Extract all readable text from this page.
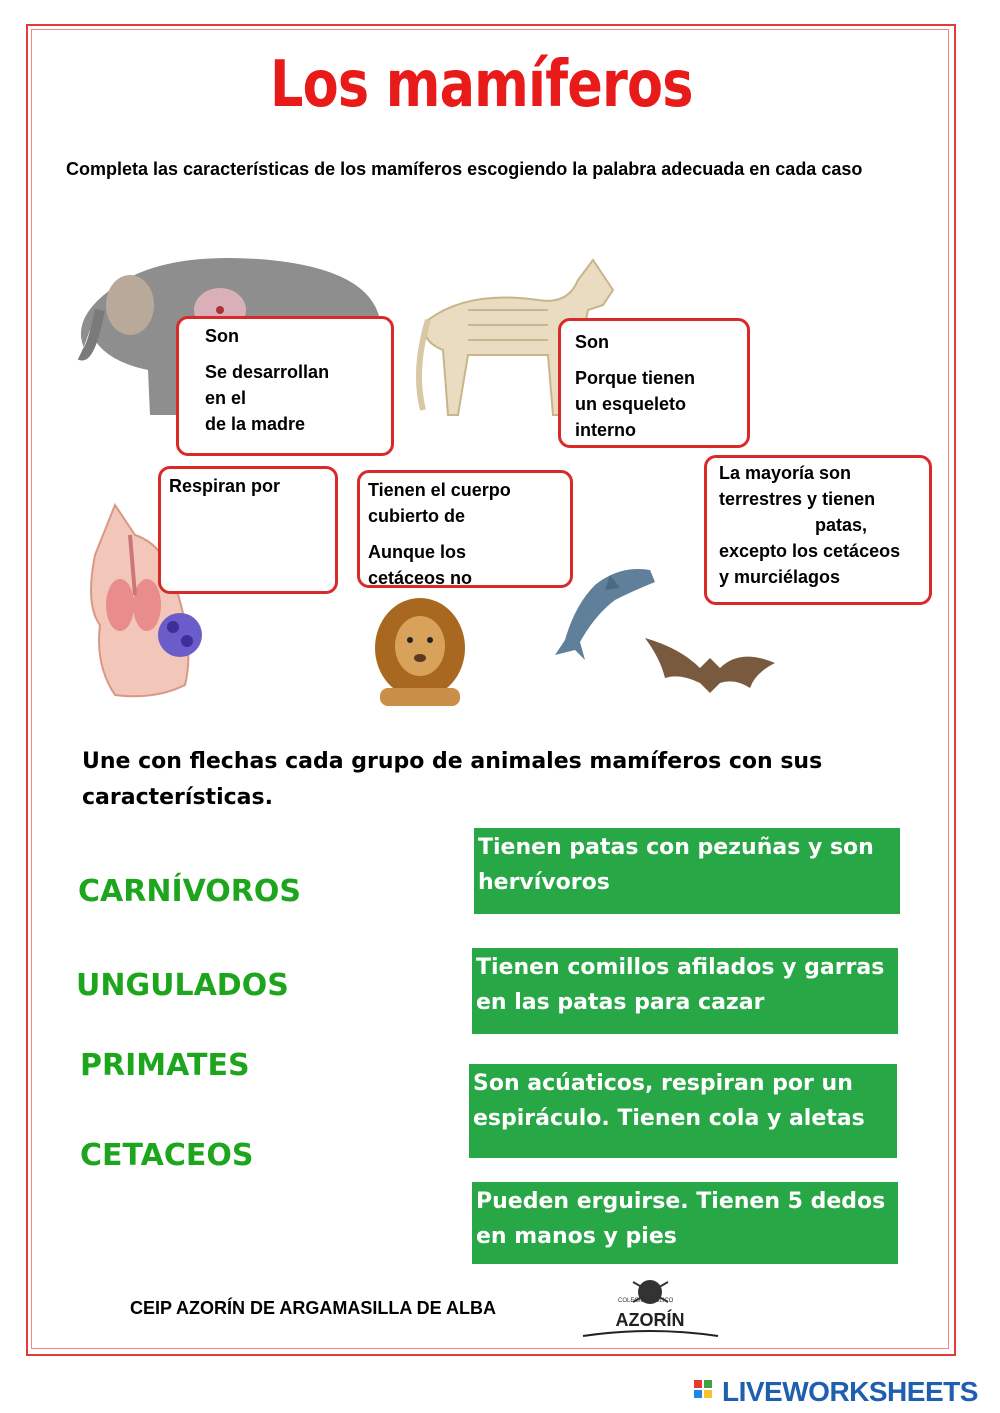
Los mamíferos
Completa las características de los mamíferos escogiendo la palabra adecuada en cada caso

Son

Se desarrollan

en el

de la madre

Son

Porque tienen

un esqueleto

interno

Respiran por	Tienen el cuerpo

cubierto de

Aunque los

cetáceos no

La mayoría son

terrestres y tienen

patas,

excepto los cetáceos

y murciélagos

Une con flechas cada grupo de animales mamíferos con sus
características.
CARNÍVOROS
UNGULADOS
PRIMATES
CETACEOS
Tienen patas con pezuñas y son
hervívoros
Tienen comillos afilados y garras
en las patas para cazar
Son acúaticos, respiran por un
espiráculo. Tienen cola y aletas
Pueden erguirse. Tienen 5 dedos
en manos y pies
CEIP AZORÍN DE ARGAMASILLA DE ALBA	COLEGIO PÚBLICO
AZORÍN
LIVEWORKSHEETS
